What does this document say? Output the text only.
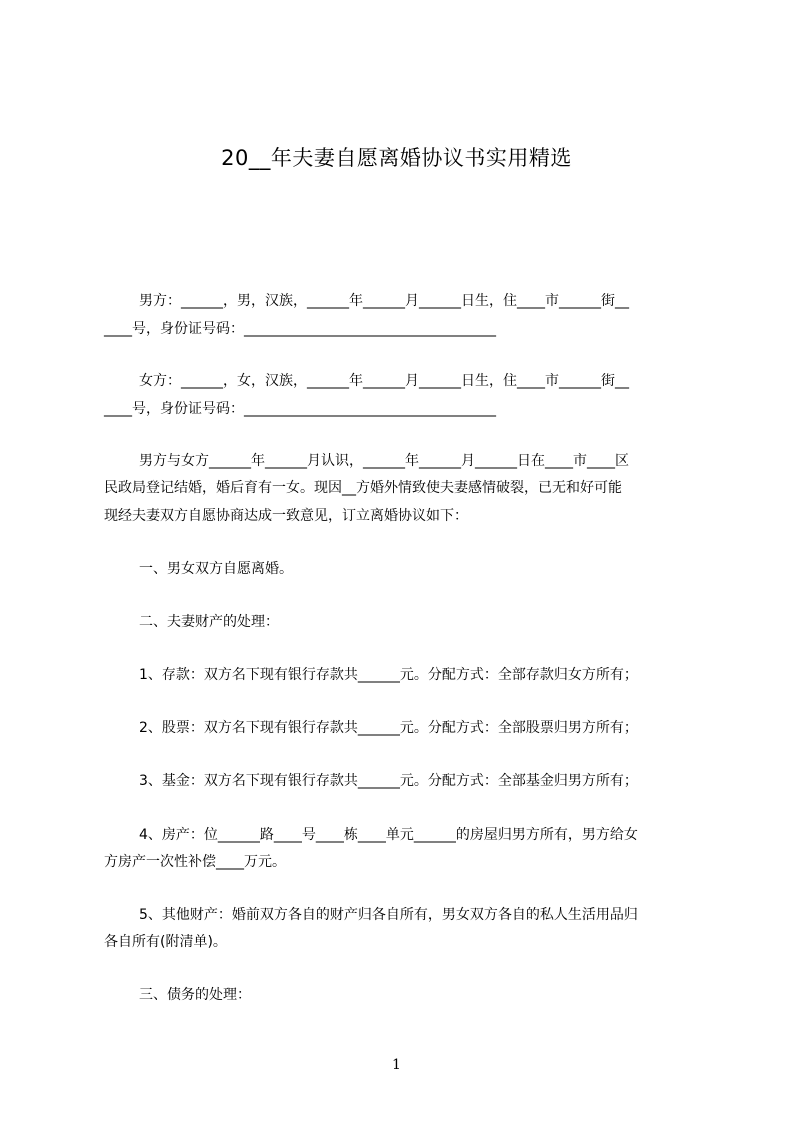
20__年夫妻自愿离婚协议书实用精选
男方：______，男，汉族，______年______月______日生，住____市______街__
____号，身份证号码：____________________________________
女方：______，女，汉族，______年______月______日生，住____市______街__
____号，身份证号码：____________________________________
男方与女方______年______月认识，______年______月______日在____市____区
民政局登记结婚，婚后育有一女。现因__方婚外情致使夫妻感情破裂，已无和好可能
现经夫妻双方自愿协商达成一致意见，订立离婚协议如下：
一、男女双方自愿离婚。
二、夫妻财产的处理：
1、存款：双方名下现有银行存款共______元。分配方式：全部存款归女方所有；
2、股票：双方名下现有银行存款共______元。分配方式：全部股票归男方所有；
3、基金：双方名下现有银行存款共______元。分配方式：全部基金归男方所有；
4、房产：位______路____号____栋____单元______的房屋归男方所有，男方给女
方房产一次性补偿____万元。
5、其他财产：婚前双方各自的财产归各自所有，男女双方各自的私人生活用品归
各自所有(附清单)。
三、债务的处理：
1
